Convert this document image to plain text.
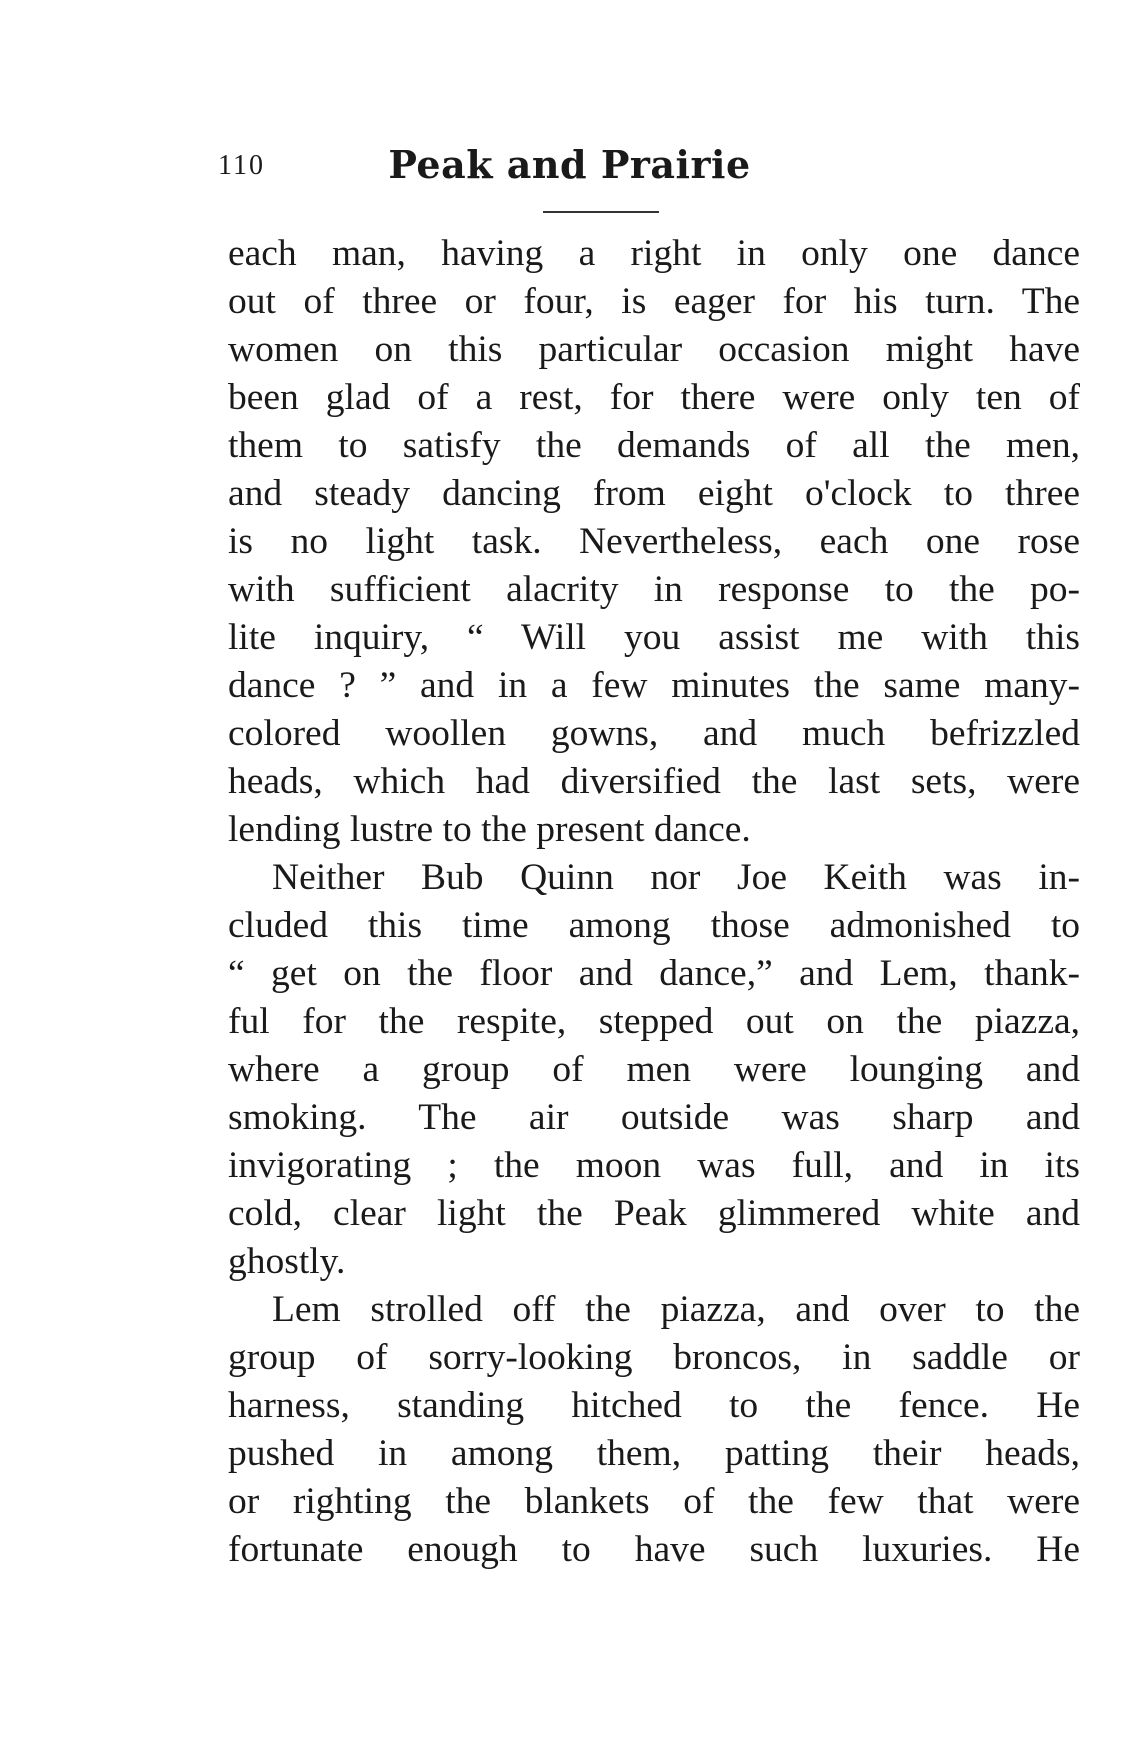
110	Peak and Prairie
each man, having a right in only one dance
out of three or four, is eager for his turn. The
women on this particular occasion might have
been glad of a rest, for there were only ten of
them to satisfy the demands of all the men,
and steady dancing from eight o'clock to three
is no light task. Nevertheless, each one rose
with sufficient alacrity in response to the po-
lite inquiry, “ Will you assist me with this
dance ? ” and in a few minutes the same many-
colored woollen gowns, and much befrizzled
heads, which had diversified the last sets, were
lending lustre to the present dance.
Neither Bub Quinn nor Joe Keith was in-
cluded this time among those admonished to
“ get on the floor and dance,” and Lem, thank-
ful for the respite, stepped out on the piazza,
where a group of men were lounging and
smoking. The air outside was sharp and
invigorating ; the moon was full, and in its
cold, clear light the Peak glimmered white and
ghostly.
Lem strolled off the piazza, and over to the
group of sorry-looking broncos, in saddle or
harness, standing hitched to the fence. He
pushed in among them, patting their heads,
or righting the blankets of the few that were
fortunate enough to have such luxuries. He
